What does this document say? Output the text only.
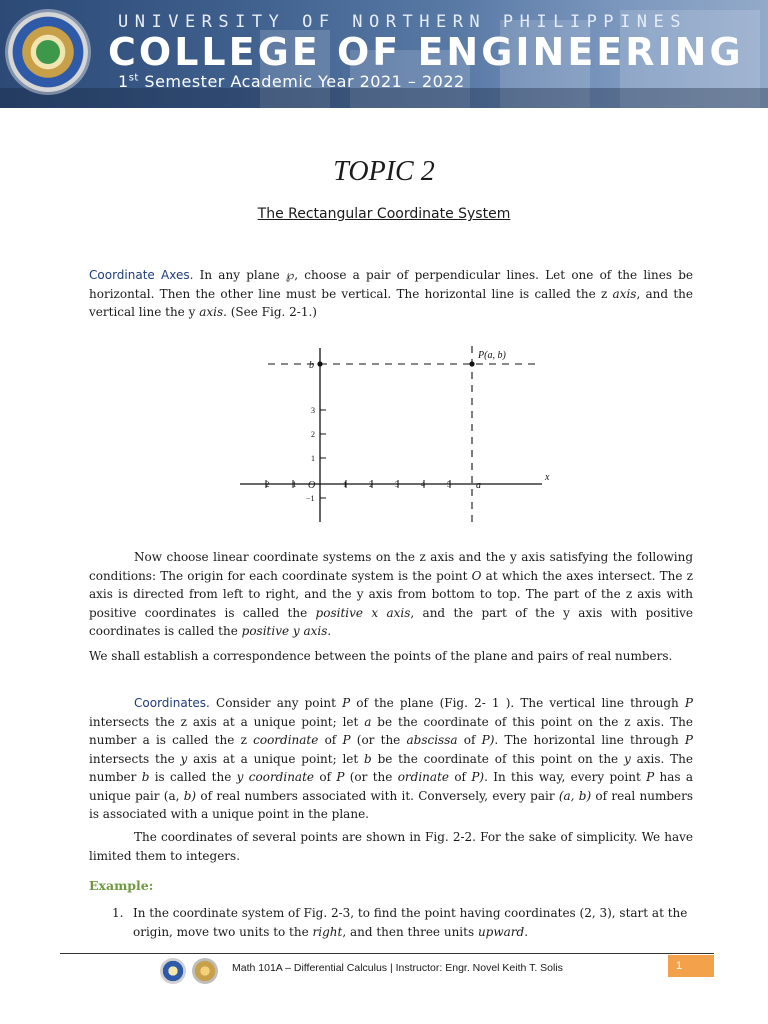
UNIVERSITY OF NORTHERN PHILIPPINES
COLLEGE OF ENGINEERING
1st Semester Academic Year 2021 – 2022
TOPIC 2
The Rectangular Coordinate System

Coordinate Axes. In any plane ℘, choose a pair of perpendicular lines. Let one of the lines be horizontal. Then the other line must be vertical. The horizontal line is called the z axis, and the vertical line the y axis. (See Fig. 2-1.)

−2 −1	1	2	3	4	5
1
2
3
−1
O
x
P(a, b)
b
a

Now choose linear coordinate systems on the z axis and the y axis satisfying the following conditions: The origin for each coordinate system is the point O at which the axes intersect. The z axis is directed from left to right, and the y axis from bottom to top. The part of the z axis with positive coordinates is called the positive x axis, and the part of the y axis with positive coordinates is called the positive y axis.

We shall establish a correspondence between the points of the plane and pairs of real numbers.

Coordinates. Consider any point P of the plane (Fig. 2- 1 ). The vertical line through P intersects the z axis at a unique point; let a be the coordinate of this point on the z axis. The number a is called the z coordinate of P (or the abscissa of P). The horizontal line through P intersects the y axis at a unique point; let b be the coordinate of this point on the y axis. The number b is called the y coordinate of P (or the ordinate of P). In this way, every point P has a unique pair (a, b) of real numbers associated with it. Conversely, every pair (a, b) of real numbers is associated with a unique point in the plane.

The coordinates of several points are shown in Fig. 2-2. For the sake of simplicity. We have limited them to integers.
Example:
1. In the coordinate system of Fig. 2-3, to find the point having coordinates (2, 3), start at the origin, move two units to the right, and then three units upward.
Math 101A – Differential Calculus | Instructor: Engr. Novel Keith T. Solis	1
